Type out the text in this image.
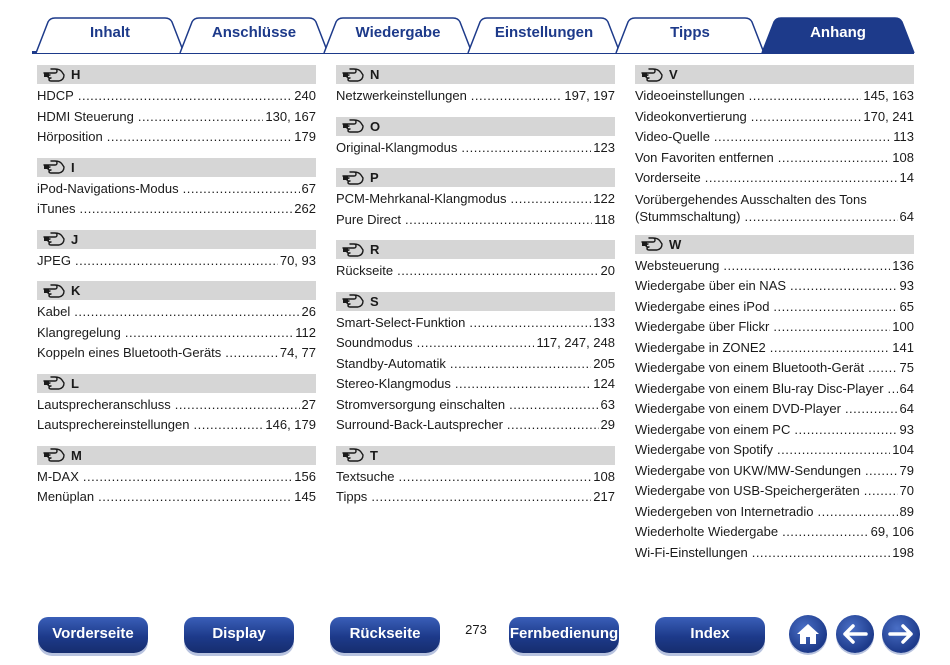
Inhalt	Anschlüsse	Wiedergabe	Einstellungen	Tipps	Anhang
H
HDCP .....	240
HDMI Steuerung .....	130, 167
Hörposition .....	179
I
iPod-Navigations-Modus .....	67
iTunes .....	262
J
JPEG .....	70, 93
K
Kabel .....	26
Klangregelung .....	112
Koppeln eines Bluetooth-Geräts .....	74, 77
L
Lautsprecheranschluss .....	27
Lautsprechereinstellungen .....	146, 179
M
M-DAX .....	156
Menüplan .....	145
N
Netzwerkeinstellungen .....	197, 197
O
Original-Klangmodus .....	123
P
PCM-Mehrkanal-Klangmodus .....	122
Pure Direct .....	118
R
Rückseite .....	20
S
Smart-Select-Funktion .....	133
Soundmodus .....	117, 247, 248
Standby-Automatik .....	205
Stereo-Klangmodus .....	124
Stromversorgung einschalten .....	63
Surround-Back-Lautsprecher .....	29
T
Textsuche .....	108
Tipps .....	217
V
Videoeinstellungen .....	145, 163
Videokonvertierung .....	170, 241
Video-Quelle .....	113
Von Favoriten entfernen .....	108
Vorderseite .....	14
Vorübergehendes Ausschalten des Tons
(Stummschaltung) .....	64
W
Websteuerung .....	136
Wiedergabe über ein NAS .....	93
Wiedergabe eines iPod .....	65
Wiedergabe über Flickr .....	100
Wiedergabe in ZONE2 .....	141
Wiedergabe von einem Bluetooth-Gerät .....	75
Wiedergabe von einem Blu-ray Disc-Player ..... 64
Wiedergabe von einem DVD-Player .....	64
Wiedergabe von einem PC .....	93
Wiedergabe von Spotify .....	104
Wiedergabe von UKW/MW-Sendungen .....	79
Wiedergabe von USB-Speichergeräten .....	70
Wiedergeben von Internetradio .....	89
Wiederholte Wiedergabe .....	69, 106
Wi-Fi-Einstellungen .....	198
Vorderseite	Display	Rückseite	273	Fernbedienung	Index
